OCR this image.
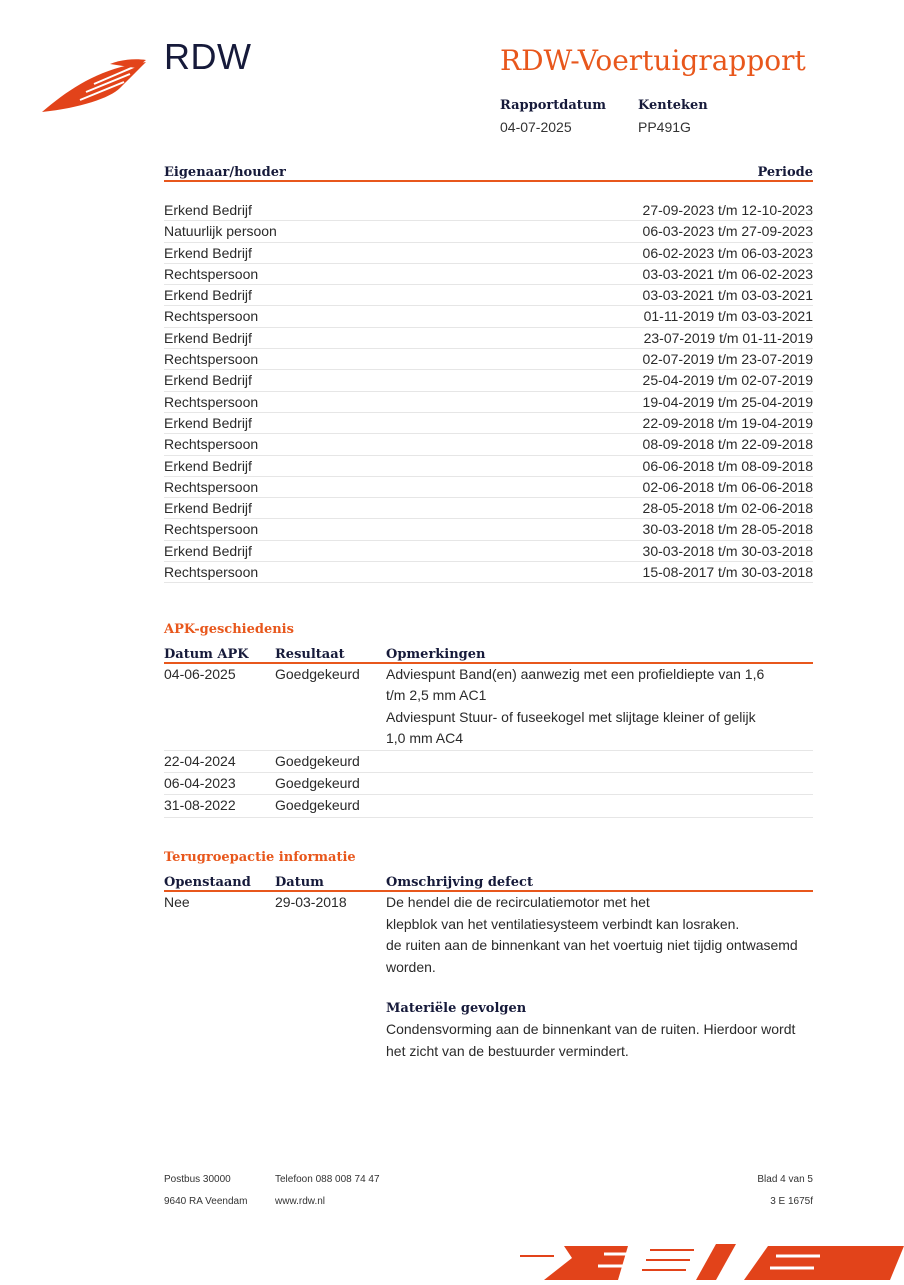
RDW	RDW-Voertuigrapport
Rapportdatum
04-07-2025
Kenteken
PP491G
Eigenaar/houder	Periode
Erkend Bedrijf	27-09-2023 t/m 12-10-2023
Natuurlijk persoon	06-03-2023 t/m 27-09-2023
Erkend Bedrijf	06-02-2023 t/m 06-03-2023
Rechtspersoon	03-03-2021 t/m 06-02-2023
Erkend Bedrijf	03-03-2021 t/m 03-03-2021
Rechtspersoon	01-11-2019 t/m 03-03-2021
Erkend Bedrijf	23-07-2019 t/m 01-11-2019
Rechtspersoon	02-07-2019 t/m 23-07-2019
Erkend Bedrijf	25-04-2019 t/m 02-07-2019
Rechtspersoon	19-04-2019 t/m 25-04-2019
Erkend Bedrijf	22-09-2018 t/m 19-04-2019
Rechtspersoon	08-09-2018 t/m 22-09-2018
Erkend Bedrijf	06-06-2018 t/m 08-09-2018
Rechtspersoon	02-06-2018 t/m 06-06-2018
Erkend Bedrijf	28-05-2018 t/m 02-06-2018
Rechtspersoon	30-03-2018 t/m 28-05-2018
Erkend Bedrijf	30-03-2018 t/m 30-03-2018
Rechtspersoon	15-08-2017 t/m 30-03-2018
APK-geschiedenis
Datum APK	Resultaat	Opmerkingen
04-06-2025	Goedgekeurd	Adviespunt Band(en) aanwezig met een profieldiepte van 1,6 t/m 2,5 mm AC1
Adviespunt Stuur- of fuseekogel met slijtage kleiner of gelijk 1,0 mm AC4
22-04-2024	Goedgekeurd
06-04-2023	Goedgekeurd
31-08-2022	Goedgekeurd
Terugroepactie informatie
Openstaand	Datum	Omschrijving defect
Nee	29-03-2018	De hendel die de recirculatiemotor met het

klepblok van het ventilatiesysteem verbindt kan losraken.

de ruiten aan de binnenkant van het voertuig niet tijdig ontwasemd worden.

Materiële gevolgen

Condensvorming aan de binnenkant van de ruiten. Hierdoor wordt het zicht van de bestuurder vermindert.

Postbus 30000
9640 RA Veendam
Telefoon 088 008 74 47
www.rdw.nl
Blad 4 van 5
3 E 1675f
